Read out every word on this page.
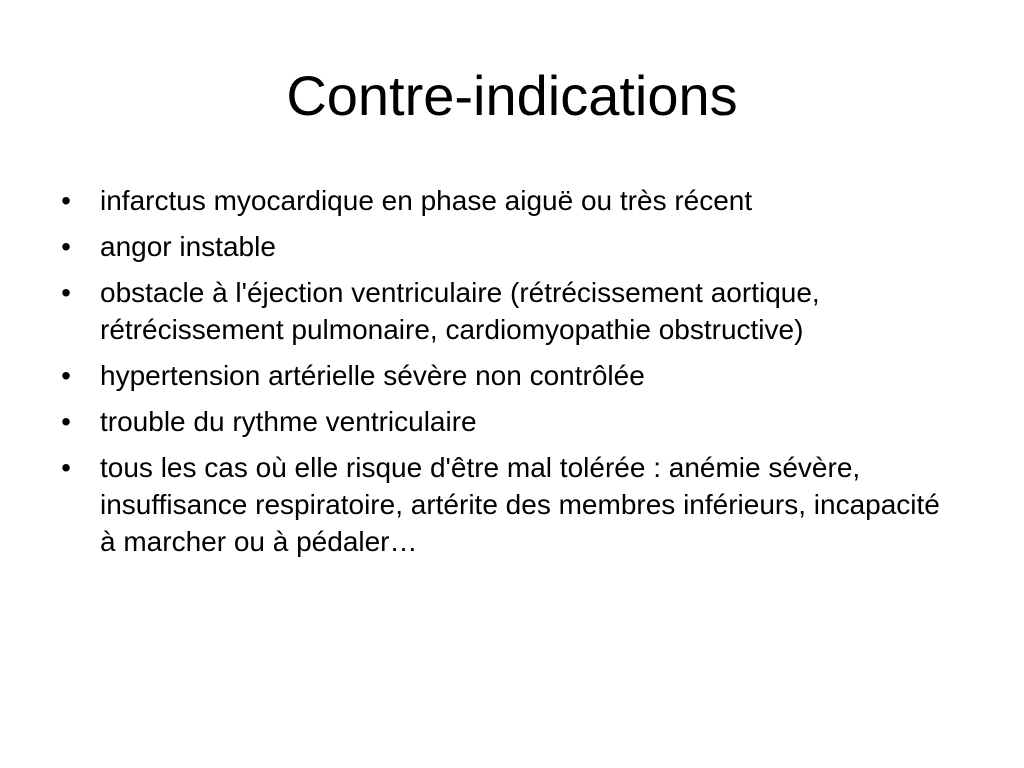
Contre-indications
• infarctus myocardique en phase aiguë ou très récent
• angor instable
• obstacle à l'éjection ventriculaire (rétrécissement aortique, rétrécissement pulmonaire, cardiomyopathie obstructive)
• hypertension artérielle sévère non contrôlée
• trouble du rythme ventriculaire
• tous les cas où elle risque d'être mal tolérée : anémie sévère, insuffisance respiratoire, artérite des membres inférieurs, incapacité à marcher ou à pédaler…
